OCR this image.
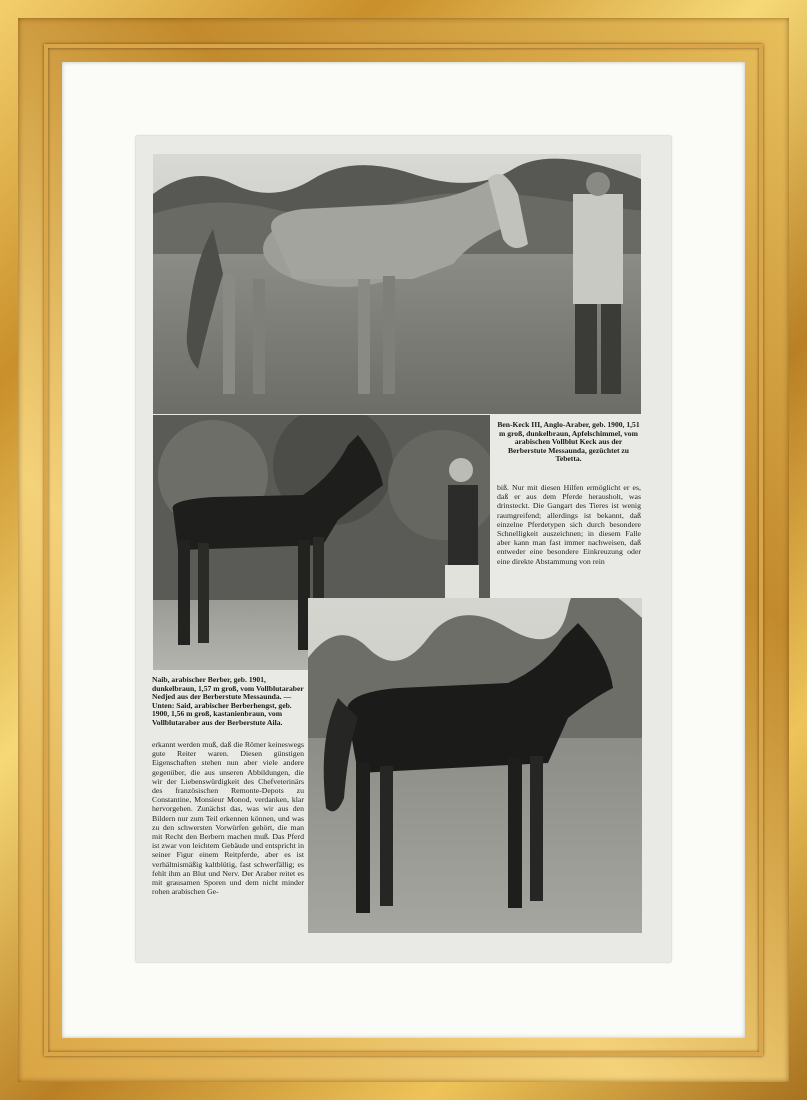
Ben-Keck III, Anglo-Araber, geb. 1900, 1,51 m groß, dunkelbraun, Apfelschimmel, vom arabischen Vollblut Keck aus der Berberstute Messaunda, gezüchtet zu Tebetta.
Naib, arabischer Berber, geb. 1901, dunkelbraun, 1,57 m groß, vom Vollblutaraber Nedjed aus der Berberstute Messaunda. — Unten: Said, arabischer Berberhengst, geb. 1900, 1,56 m groß, kastanienbraun, vom Vollblutaraber aus der Berberstute Aila.
biß. Nur mit diesen Hilfen ermöglicht er es, daß er aus dem Pferde herausholt, was drinsteckt. Die Gangart des Tieres ist wenig raumgreifend; allerdings ist bekannt, daß einzelne Pferdetypen sich durch besondere Schnelligkeit auszeichnen; in diesem Falle aber kann man fast immer nachweisen, daß entweder eine besondere Einkreuzung oder eine direkte Abstammung von rein
erkannt werden muß, daß die Römer keineswegs gute Reiter waren. Diesen günstigen Eigenschaften stehen nun aber viele andere gegenüber, die aus unseren Abbildungen, die wir der Liebenswürdigkeit des Chefveterinärs des französischen Remonte-Depots zu Constantine, Monsieur Monod, verdanken, klar hervorgehen. Zunächst das, was wir aus den Bildern nur zum Teil erkennen können, und was zu den schwersten Vorwürfen gehört, die man mit Recht den Berbern machen muß. Das Pferd ist zwar von leichtem Gebäude und entspricht in seiner Figur einem Reitpferde, aber es ist verhältnismäßig kaltblütig, fast schwerfällig; es fehlt ihm an Blut und Nerv. Der Araber reitet es mit grausamen Sporen und dem nicht minder rohen arabischen Ge-
